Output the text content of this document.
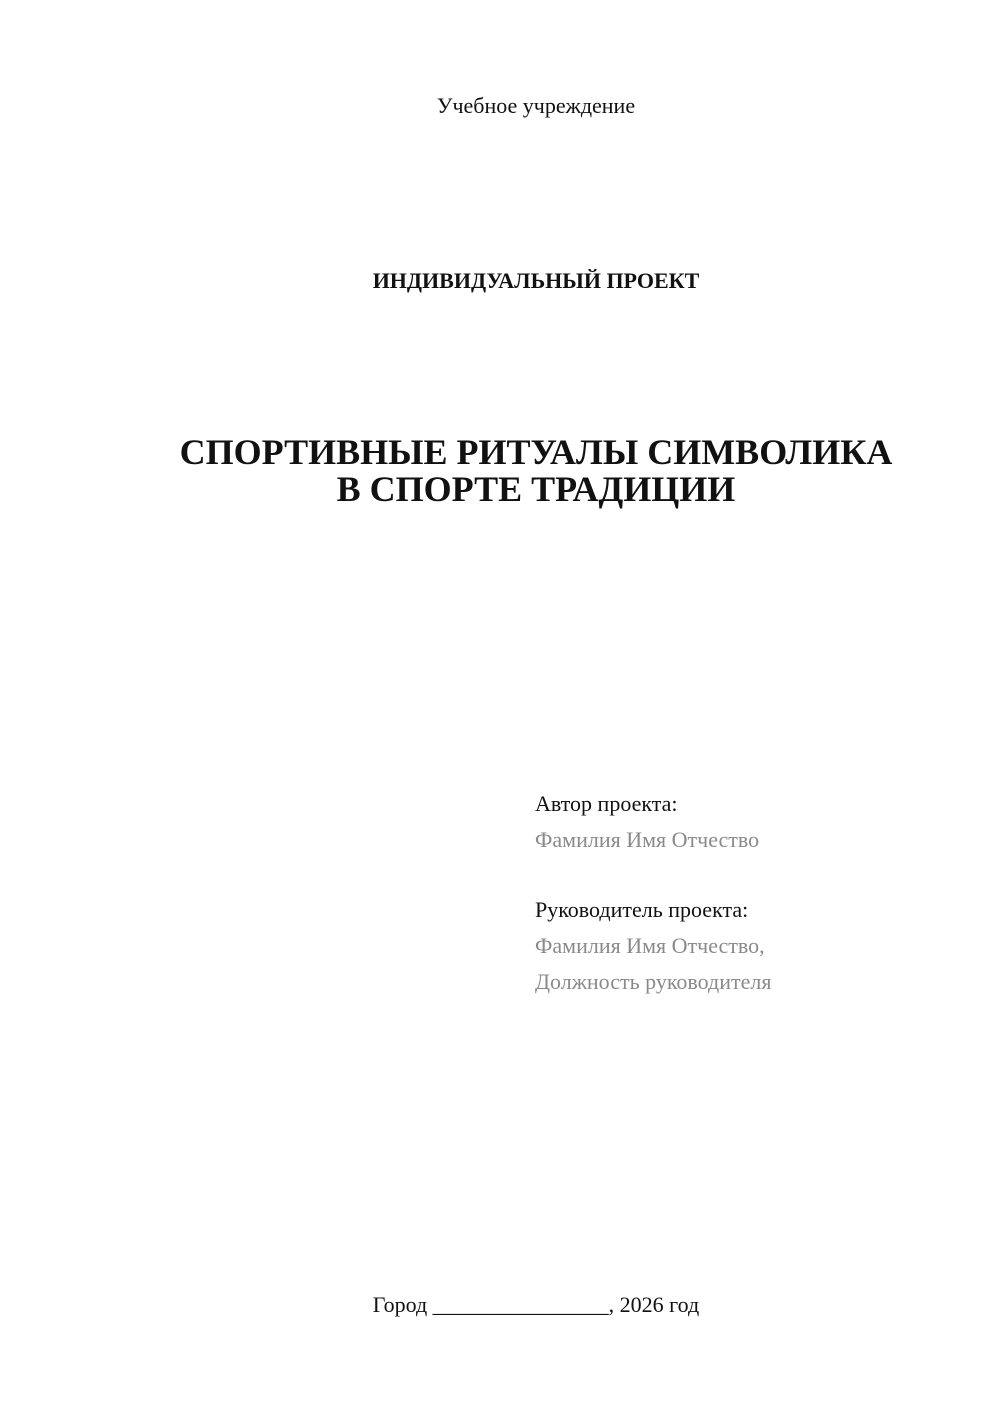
Учебное учреждение
ИНДИВИДУАЛЬНЫЙ ПРОЕКТ
СПОРТИВНЫЕ РИТУАЛЫ СИМВОЛИКА
В СПОРТЕ ТРАДИЦИИ
Автор проекта:
Фамилия Имя Отчество
Руководитель проекта:
Фамилия Имя Отчество,
Должность руководителя
Город ________________, 2026 год
